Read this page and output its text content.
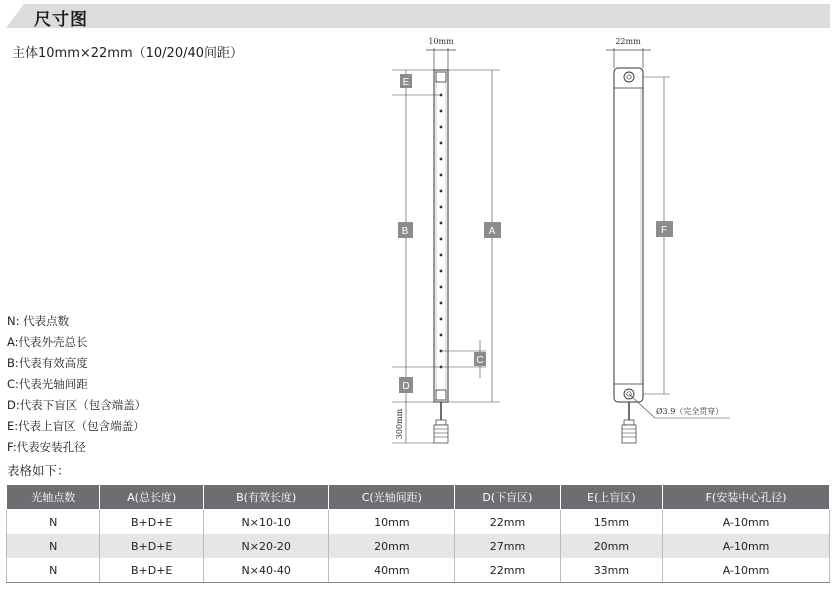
尺寸图
主体10mm×22mm（10/20/40间距）
10mm
E
B
D
A
C
300mm
22mm
F
Ø3.9（完全贯穿）
N: 代表点数
A:代表外壳总长
B:代表有效高度
C:代表光轴间距
D:代表下盲区（包含端盖）
E:代表上盲区（包含端盖）
F:代表安装孔径
表格如下：
光轴点数	A(总长度)	B(有效长度)	C(光轴间距)	D(下盲区)	E(上盲区)	F(安装中心孔径)
N	B+D+E	N×10-10	10mm	22mm	15mm	A-10mm
N	B+D+E	N×20-20	20mm	27mm	20mm	A-10mm
N	B+D+E	N×40-40	40mm	22mm	33mm	A-10mm
